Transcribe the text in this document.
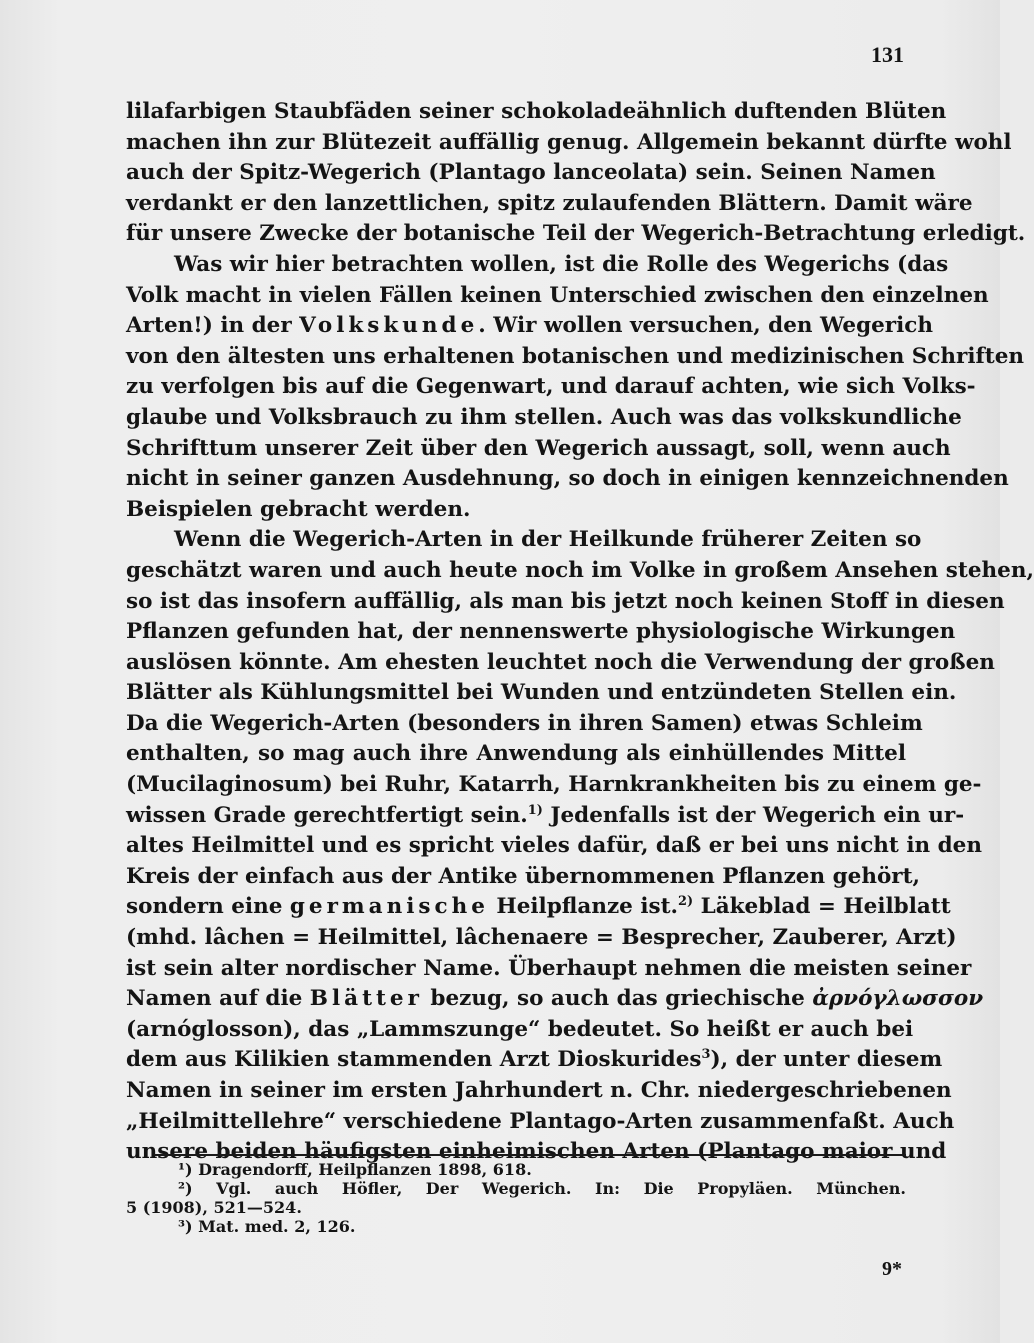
131
lilafarbigen Staubfäden seiner schokoladeähnlich duftenden Blüten
machen ihn zur Blütezeit auffällig genug. Allgemein bekannt dürfte wohl
auch der Spitz-Wegerich (Plantago lanceolata) sein. Seinen Namen
verdankt er den lanzettlichen, spitz zulaufenden Blättern. Damit wäre
für unsere Zwecke der botanische Teil der Wegerich-Betrachtung erledigt.
Was wir hier betrachten wollen, ist die Rolle des Wegerichs (das
Volk macht in vielen Fällen keinen Unterschied zwischen den einzelnen
Arten!) in der Volkskunde. Wir wollen versuchen, den Wegerich
von den ältesten uns erhaltenen botanischen und medizinischen Schriften
zu verfolgen bis auf die Gegenwart, und darauf achten, wie sich Volks-
glaube und Volksbrauch zu ihm stellen. Auch was das volkskundliche
Schrifttum unserer Zeit über den Wegerich aussagt, soll, wenn auch
nicht in seiner ganzen Ausdehnung, so doch in einigen kennzeichnenden
Beispielen gebracht werden.
Wenn die Wegerich-Arten in der Heilkunde früherer Zeiten so
geschätzt waren und auch heute noch im Volke in großem Ansehen stehen,
so ist das insofern auffällig, als man bis jetzt noch keinen Stoff in diesen
Pflanzen gefunden hat, der nennenswerte physiologische Wirkungen
auslösen könnte. Am ehesten leuchtet noch die Verwendung der großen
Blätter als Kühlungsmittel bei Wunden und entzündeten Stellen ein.
Da die Wegerich-Arten (besonders in ihren Samen) etwas Schleim
enthalten, so mag auch ihre Anwendung als einhüllendes Mittel
(Mucilaginosum) bei Ruhr, Katarrh, Harnkrankheiten bis zu einem ge-
wissen Grade gerechtfertigt sein.$^{1)}$ Jedenfalls ist der Wegerich ein ur-
altes Heilmittel und es spricht vieles dafür, daß er bei uns nicht in den
Kreis der einfach aus der Antike übernommenen Pflanzen gehört,
sondern eine germanische Heilpflanze ist.$^{2)}$ Läkeblad = Heilblatt
(mhd. lâchen = Heilmittel, lâchenaere = Besprecher, Zauberer, Arzt)
ist sein alter nordischer Name. Überhaupt nehmen die meisten seiner
Namen auf die Blätter bezug, so auch das griechische ἀρνόγλωσσον
(arnóglosson), das „Lammszunge“ bedeutet. So heißt er auch bei
dem aus Kilikien stammenden Arzt Dioskurides$^3$), der unter diesem
Namen in seiner im ersten Jahrhundert n. Chr. niedergeschriebenen
„Heilmittellehre“ verschiedene Plantago-Arten zusammenfaßt. Auch
unsere beiden häufigsten einheimischen Arten (Plantago maior und
¹) Dragendorff, Heilpflanzen 1898, 618.
²) Vgl. auch Höfler, Der Wegerich. In: Die Propyläen. München.
5 (1908), 521—524.
³) Mat. med. 2, 126.
9*
